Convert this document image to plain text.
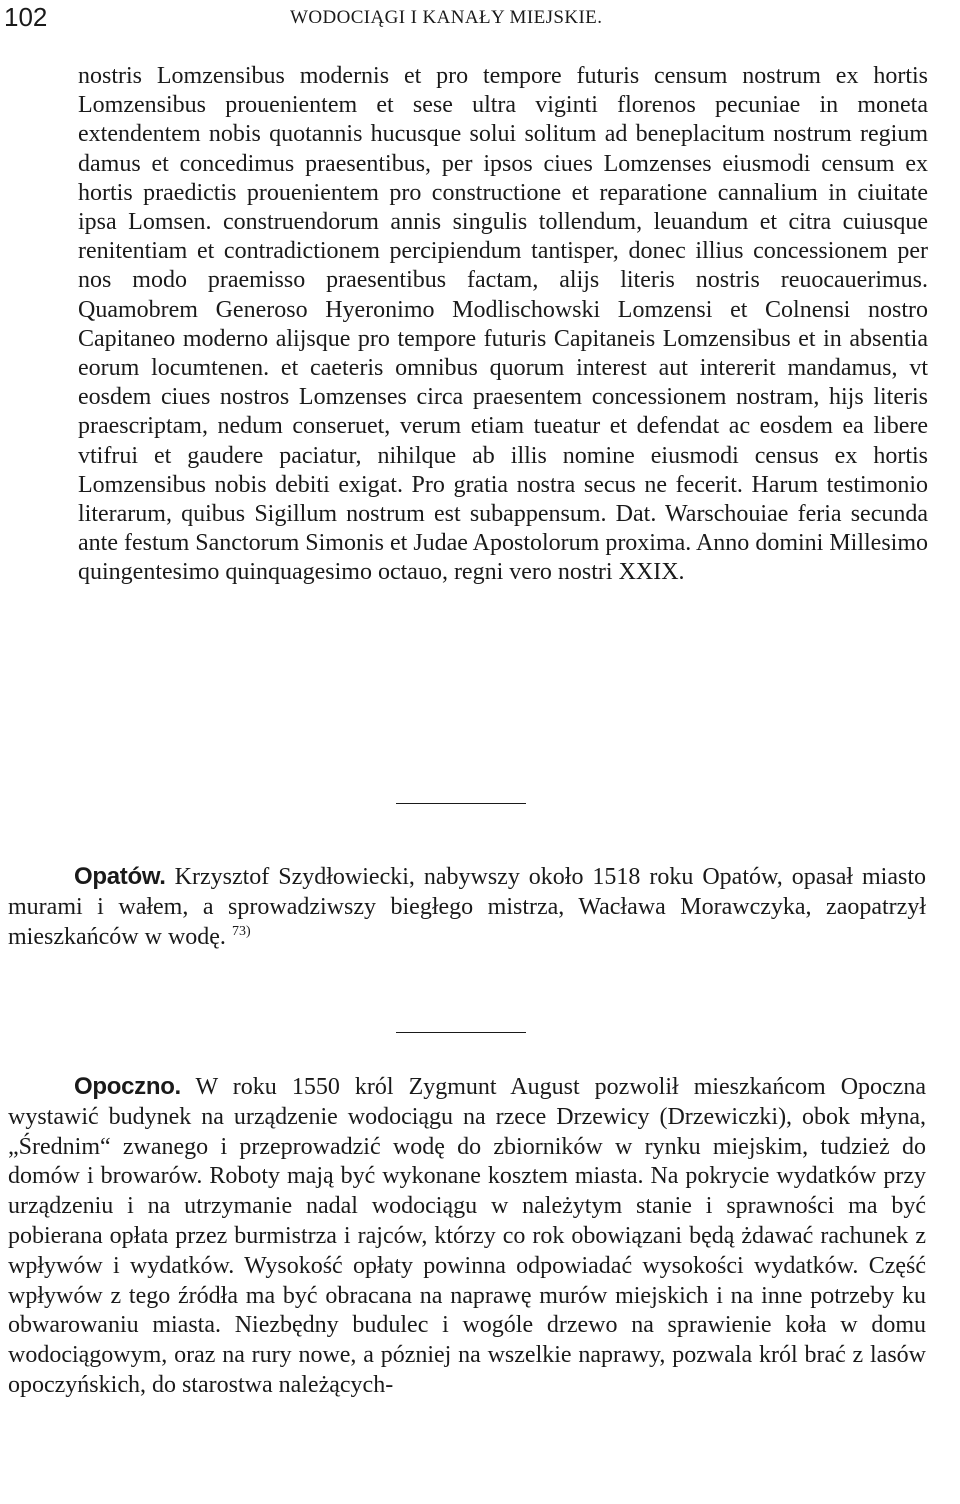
102	WODOCIĄGI I KANAŁY MIEJSKIE.

nostris Lomzensibus modernis et pro tempore futuris censum nostrum ex hortis Lomzensibus prouenientem et sese ultra viginti florenos pecuniae in moneta extendentem nobis quotannis hucusque solui solitum ad beneplacitum nostrum regium damus et concedimus praesentibus, per ipsos ciues Lomzenses eiusmodi censum ex hortis praedictis prouenientem pro constructione et reparatione cannalium in ciuitate ipsa Lomsen. construendorum annis singulis tollendum, leuandum et citra cuiusque renitentiam et contradictionem percipiendum tantisper, donec illius concessionem per nos modo praemisso praesentibus factam, alijs literis nostris reuocauerimus. Quamobrem Generoso Hyeronimo Modlischowski Lomzensi et Colnensi nostro Capitaneo moderno alijsque pro tempore futuris Capitaneis Lomzensibus et in absentia eorum locumtenen. et caeteris omnibus quorum interest aut intererit mandamus, vt eosdem ciues nostros Lomzenses circa praesentem concessionem nostram, hijs literis praescriptam, nedum conseruet, verum etiam tueatur et defendat ac eosdem ea libere vtifrui et gaudere paciatur, nihilque ab illis nomine eiusmodi census ex hortis Lomzensibus nobis debiti exigat. Pro gratia nostra secus ne fecerit. Harum testimonio literarum, quibus Sigillum nostrum est subappensum. Dat. Warschouiae feria secunda ante festum Sanctorum Simonis et Judae Apostolorum proxima. Anno domini Millesimo quingentesimo quinquagesimo octauo, regni vero nostri XXIX.

Opatów. Krzysztof Szydłowiecki, nabywszy około 1518 roku Opatów, opasał miasto murami i wałem, a sprowadziwszy biegłego mistrza, Wacława Morawczyka, zaopatrzył mieszkańców w wodę. $^{73)}$

Opoczno. W roku 1550 król Zygmunt August pozwolił mieszkańcom Opoczna wystawić budynek na urządzenie wodociągu na rzece Drzewicy (Drzewiczki), obok młyna, „Średnim“ zwanego i przeprowadzić wodę do zbiorników w rynku miejskim, tudzież do domów i browarów. Roboty mają być wykonane kosztem miasta. Na pokrycie wydatków przy urządzeniu i na utrzymanie nadal wodociągu w należytym stanie i sprawności ma być pobierana opłata przez burmistrza i rajców, którzy co rok obowiązani będą żdawać rachunek z wpływów i wydatków. Wysokość opłaty powinna odpowiadać wysokości wydatków. Część wpływów z tego źródła ma być obracana na naprawę murów miejskich i na inne potrzeby ku obwarowaniu miasta. Niezbędny budulec i wogóle drzewo na sprawienie koła w domu wodociągowym, oraz na rury nowe, a pózniej na wszelkie naprawy, pozwala król brać z lasów opoczyńskich, do starostwa należących-
